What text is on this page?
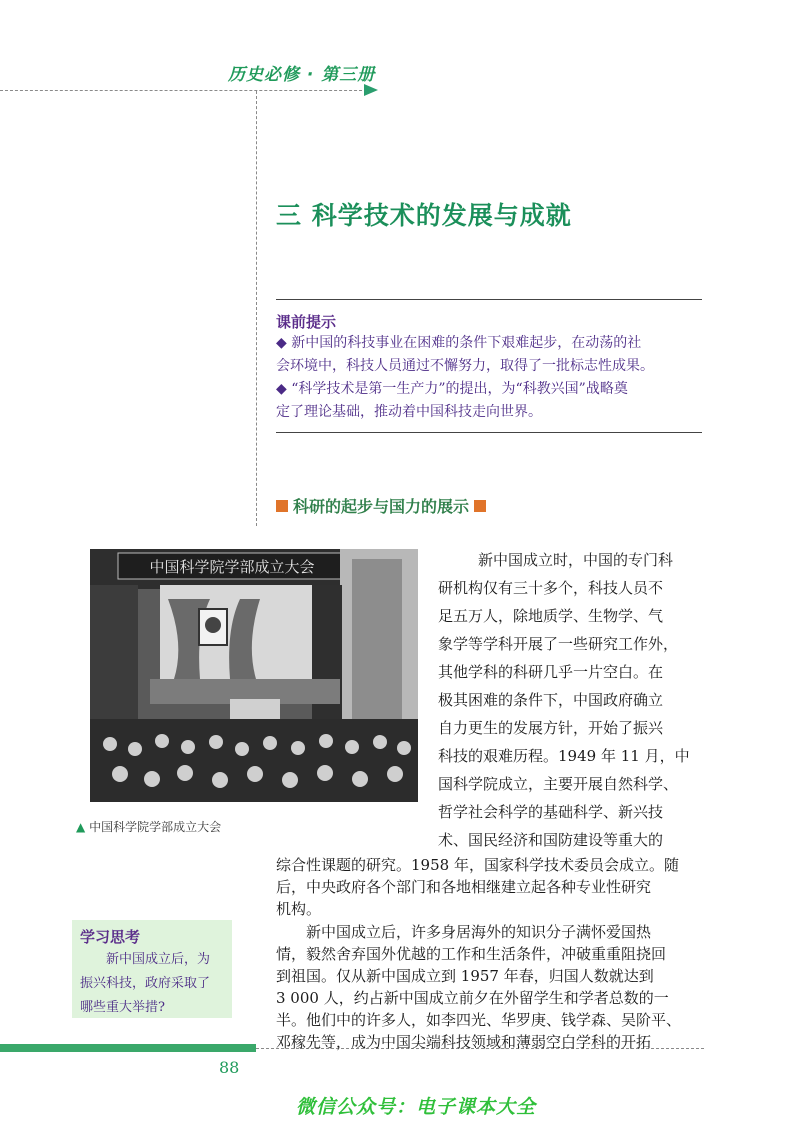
历史必修 · 第三册
三 科学技术的发展与成就
课前提示
◆ 新中国的科技事业在困难的条件下艰难起步，在动荡的社
会环境中，科技人员通过不懈努力，取得了一批标志性成果。
◆ “科学技术是第一生产力”的提出，为“科教兴国”战略奠
定了理论基础，推动着中国科技走向世界。
科研的起步与国力的展示
中国科学院学部成立大会
▲ 中国科学院学部成立大会
新中国成立时，中国的专门科
研机构仅有三十多个，科技人员不
足五万人，除地质学、生物学、气
象学等学科开展了一些研究工作外，
其他学科的科研几乎一片空白。在
极其困难的条件下，中国政府确立
自力更生的发展方针，开始了振兴
科技的艰难历程。1949 年 11 月，中
国科学院成立，主要开展自然科学、
哲学社会科学的基础科学、新兴技
术、国民经济和国防建设等重大的
综合性课题的研究。1958 年，国家科学技术委员会成立。随
后，中央政府各个部门和各地相继建立起各种专业性研究
机构。
新中国成立后，许多身居海外的知识分子满怀爱国热
情，毅然舍弃国外优越的工作和生活条件，冲破重重阻挠回
到祖国。仅从新中国成立到 1957 年春，归国人数就达到
学习思考
新中国成立后，为
振兴科技，政府采取了
哪些重大举措?
88
微信公众号：电子课本大全
3 000 人，约占新中国成立前夕在外留学生和学者总数的一
半。他们中的许多人，如李四光、华罗庚、钱学森、吴阶平、
邓稼先等，成为中国尖端科技领域和薄弱空白学科的开拓
